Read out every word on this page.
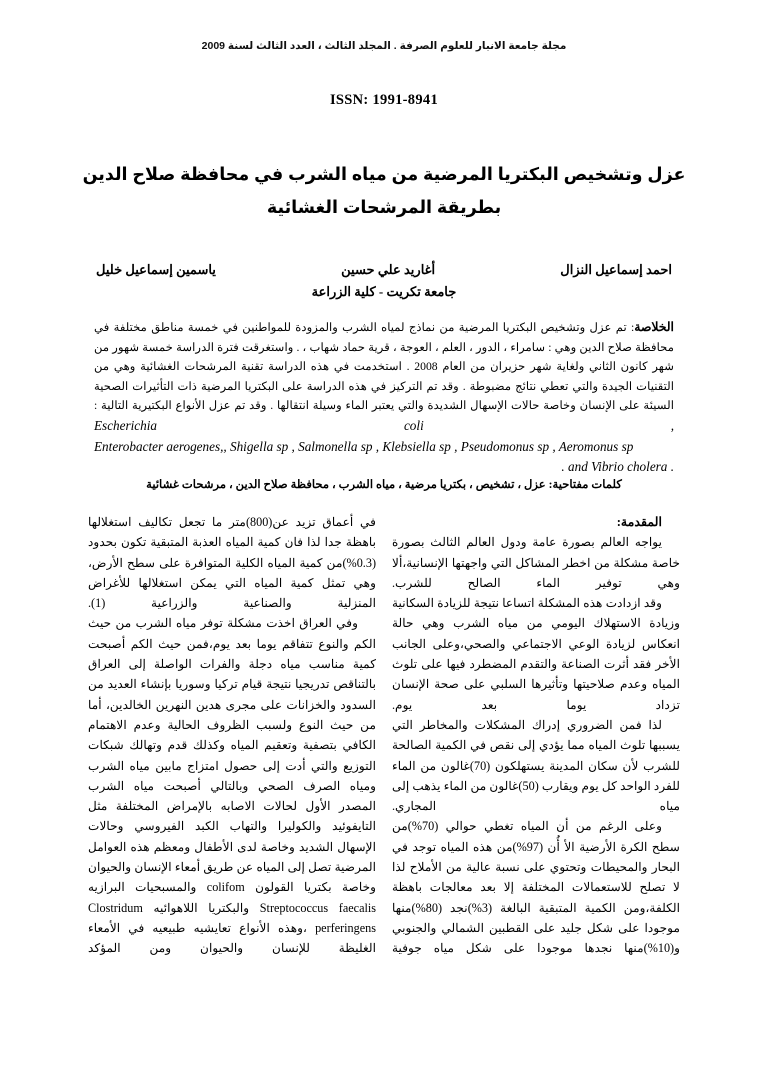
مجلة جامعة الانبار للعلوم الصرفة . المجلد الثالث ، العدد الثالث لسنة 2009
ISSN: 1991-8941
عزل وتشخيص البكتريا المرضية من مياه الشرب في محافظة صلاح الدين
بطريقة المرشحات الغشائية
احمد إسماعيل النزال
أغاريد علي حسين
ياسمين إسماعيل خليل
جامعة تكريت - كلية الزراعة

الخلاصة: تم عزل وتشخيص البكتريا المرضية من نماذج لمياه الشرب والمزودة للمواطنين في خمسة مناطق مختلفة في محافظة صلاح الدين وهي : سامراء ، الدور ، العلم ، العوجة ، قرية حماد شهاب ، . واستغرقت فترة الدراسة خمسة شهور من شهر كانون الثاني ولغاية شهر حزيران من العام 2008 . استخدمت في هذه الدراسة تقنية المرشحات الغشائية وهي من التقنيات الجيدة والتي تعطي نتائج مضبوطة . وقد تم التركيز في هذه الدراسة على البكتريا المرضية ذات التأثيرات الصحية السيئة على الإنسان وخاصة حالات الإسهال الشديدة والتي يعتبر الماء وسيلة انتقالها . وقد تم عزل الأنواع البكتيرية التالية : Escherichia coli ,

Enterobacter aerogenes,, Shigella sp , Salmonella sp , Klebsiella sp , Pseudomonus sp , Aeromonus sp
. and Vibrio cholera .
كلمات مفتاحية: عزل ، تشخيص ، بكتريا مرضية ، مياه الشرب ، محافظة صلاح الدين ، مرشحات غشائية

المقدمة:

يواجه العالم بصورة عامة ودول العالم الثالث بصورة خاصة مشكلة من اخطر المشاكل التي واجهتها الإنسانية،ألا وهي توفير الماء الصالح للشرب.

وقد ازدادت هذه المشكلة اتساعا نتيجة للزيادة السكانية وزيادة الاستهلاك اليومي من مياه الشرب وهي حالة انعكاس لزيادة الوعي الاجتماعي والصحي،وعلى الجانب الأخر فقد أثرت الصناعة والتقدم المضطرد فيها على تلوث المياه وعدم صلاحيتها وتأثيرها السلبي على صحة الإنسان تزداد يوما بعد يوم.

لذا فمن الضروري إدراك المشكلات والمخاطر التي يسببها تلوث المياه مما يؤدي إلى نقص في الكمية الصالحة للشرب لأن سكان المدينة يستهلكون (70)غالون من الماء للفرد الواحد كل يوم ويقارب (50)غالون من الماء يذهب إلى مياه المجاري.

وعلى الرغم من أن المياه تغطي حوالي (70%)من سطح الكرة الأرضية الأ أُن (97%)من هذه المياه توجد في البحار والمحيطات وتحتوي على نسبة عالية من الأملاح لذا لا تصلح للاستعمالات المختلفة إلا بعد معالجات باهظة الكلفة،ومن الكمية المتبقية البالغة (3%)نجد (80%)منها موجودا على شكل جليد على القطبين الشمالي والجنوبي و(10%)منها نجدها موجودا على شكل مياه جوفية

في أعماق تزيد عن(800)متر ما تجعل تكاليف استغلالها باهظة جدا لذا فان كمية المياه العذبة المتبقية تكون بحدود (0.3%)من كمية المياه الكلية المتوافرة على سطح الأرض، وهي تمثل كمية المياه التي يمكن استغلالها للأغراض المنزلية والصناعية والزراعية (1).

وفي العراق اخذت مشكلة توفر مياه الشرب من حيث الكم والنوع تتفاقم يوما بعد يوم،فمن حيث الكم أصبحت كمية مناسب مياه دجلة والفرات الواصلة إلى العراق بالتناقص تدريجيا نتيجة قيام تركيا وسوريا بإنشاء العديد من السدود والخزانات على مجرى هدين النهرين الخالدين، أما من حيث النوع ولسبب الظروف الحالية وعدم الاهتمام الكافي بتصفية وتعقيم المياه وكذلك قدم وتهالك شبكات التوزيع والتي أدت إلى حصول امتزاج مابين مياه الشرب ومياه الصرف الصحي وبالتالي أصبحت مياه الشرب المصدر الأول لحالات الاصابه بالإمراض المختلفة مثل التايفوئيد والكوليرا والتهاب الكبد الفيروسي وحالات الإسهال الشديد وخاصة لدى الأطفال ومعظم هذه العوامل المرضية تصل إلى المياه عن طريق أمعاء الإنسان والحيوان وخاصة بكتريا القولون colifom والمسبحيات البرازيه Streptococcus faecalis والبكتريا اللاهوائيه Clostridum perferingens ،وهذه الأنواع تعايشيه طبيعيه في الأمعاء الغليظة للإنسان والحيوان ومن المؤكد
